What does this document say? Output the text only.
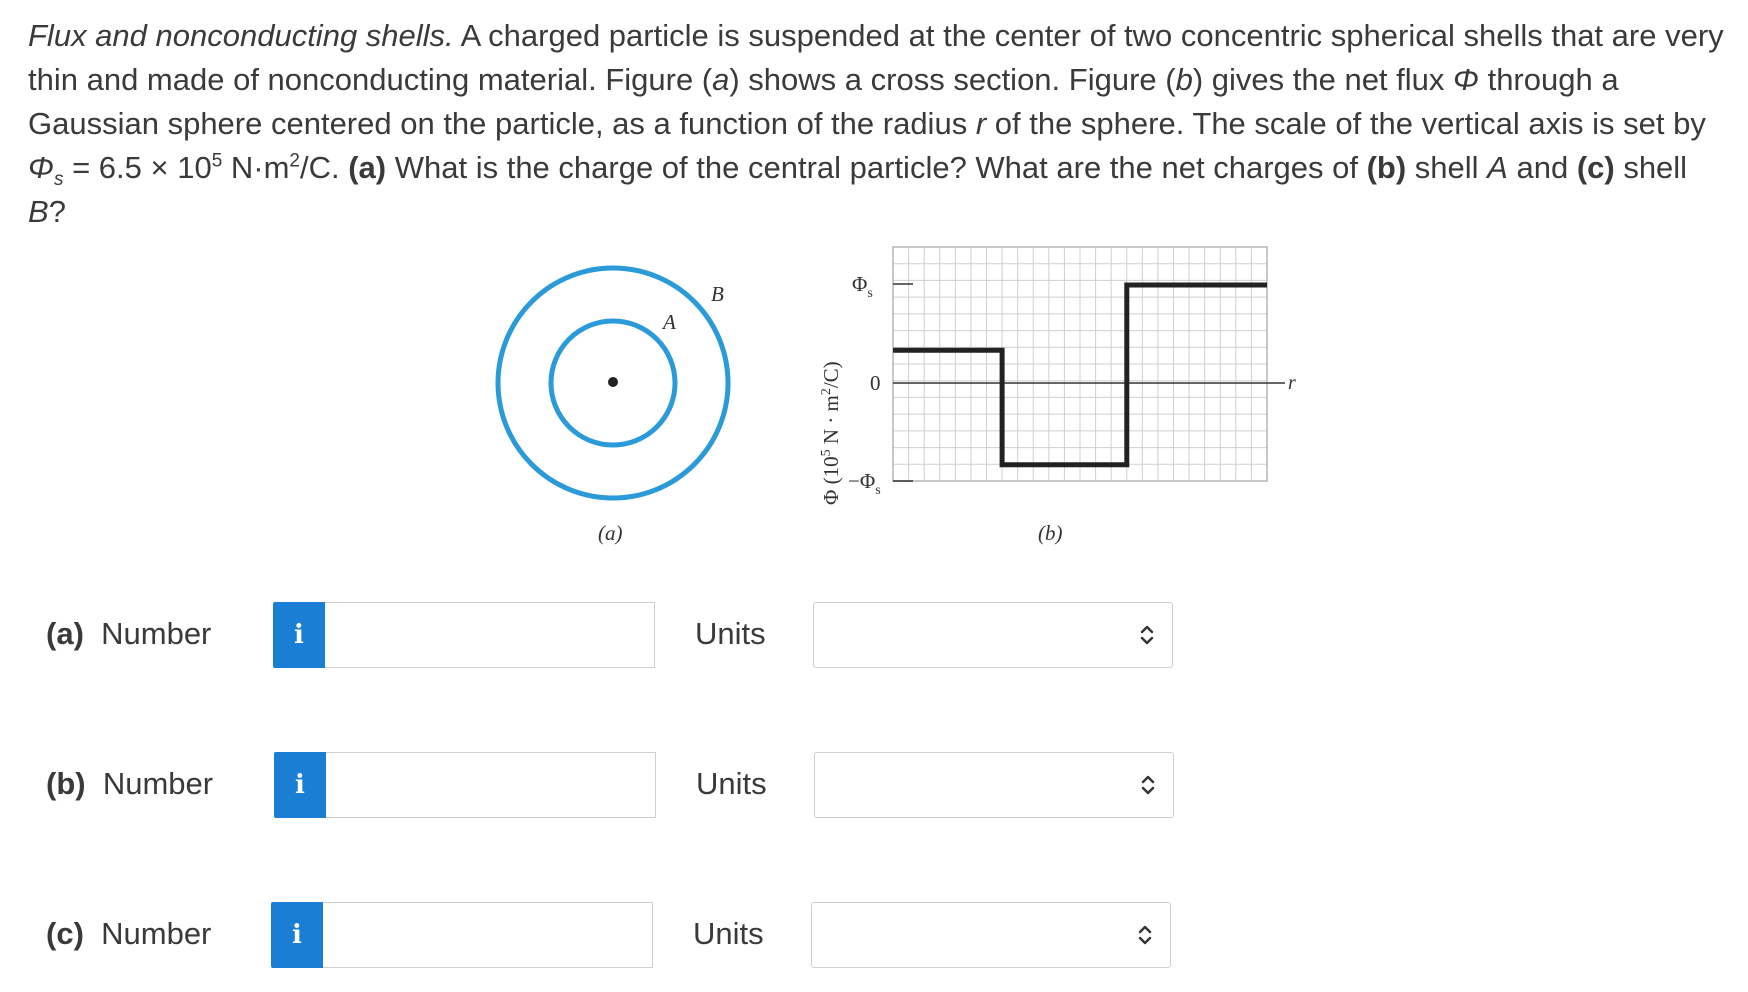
Flux and nonconducting shells. A charged particle is suspended at the center of two concentric spherical shells that are very thin and made of nonconducting material. Figure (a) shows a cross section. Figure (b) gives the net flux Φ through a Gaussian sphere centered on the particle, as a function of the radius r of the sphere. The scale of the vertical axis is set by $\Phi_s = 6.5 \times 10^5$ $N\cdot m^2/C$. (a) What is the charge of the central particle? What are the net charges of (b) shell A and (c) shell B?
A
B
(a)
$\Phi_s$
0
$-\Phi_s$
r
Φ ($10^5$ $N \cdot m^2/C$)
(b)
(a) Number	i	Units
(b) Number	i	Units
(c) Number	i	Units
